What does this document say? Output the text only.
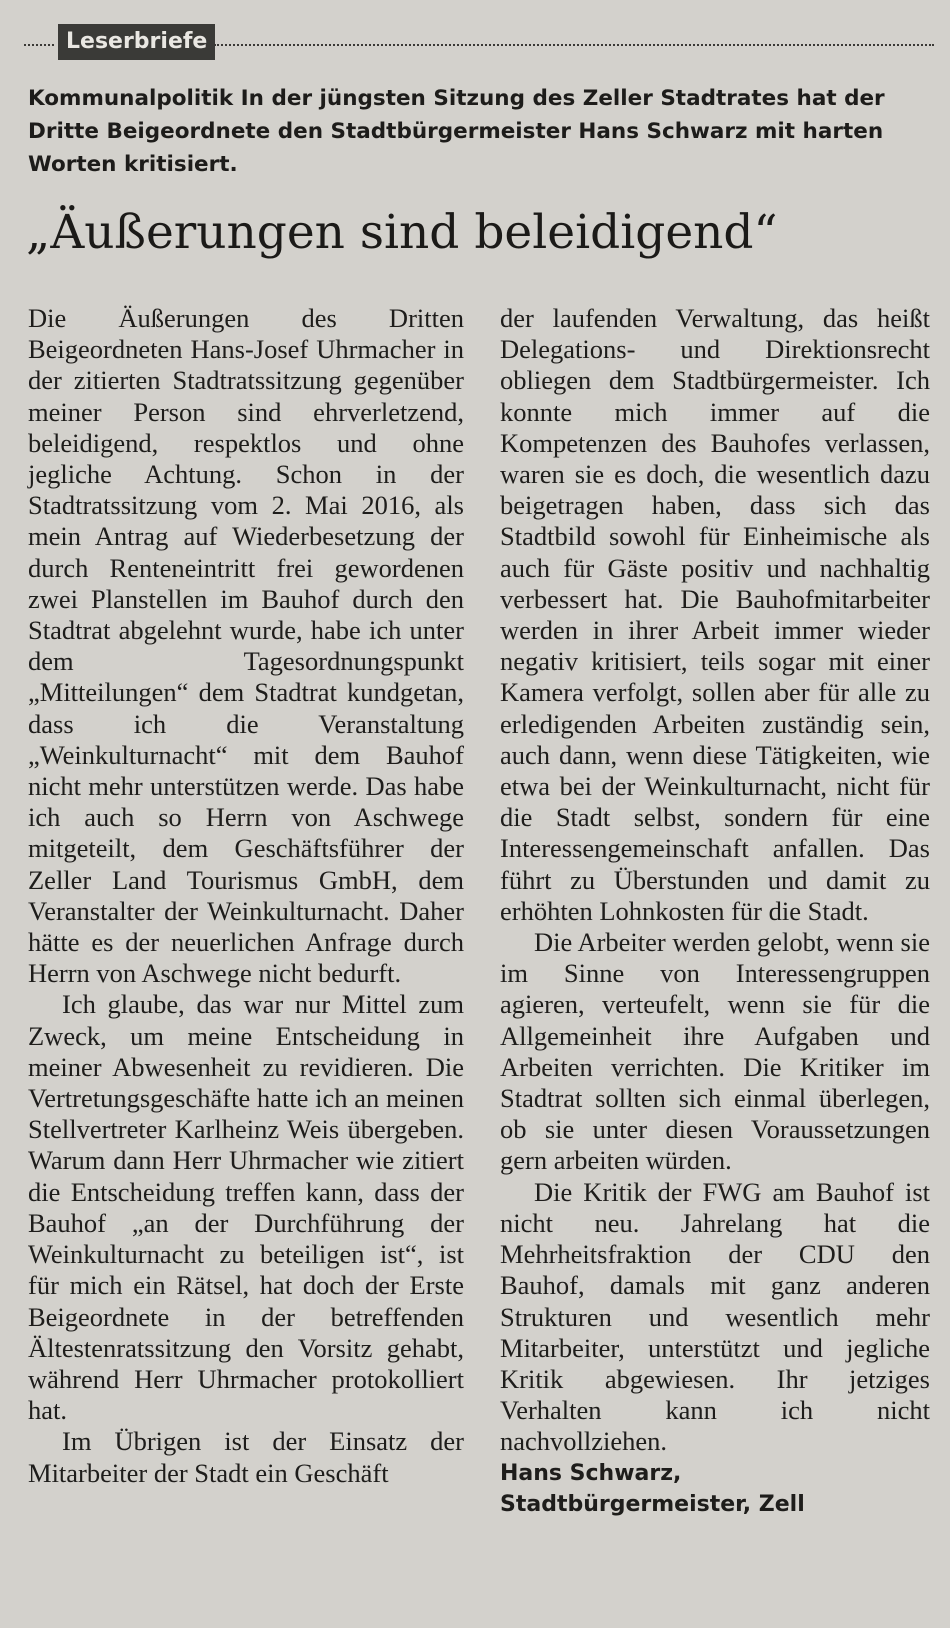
Leserbriefe
Kommunalpolitik In der jüngsten Sitzung des Zeller Stadtrates hat der Dritte Beigeordnete den Stadtbürgermeister Hans Schwarz mit harten Worten kritisiert.
„Äußerungen sind beleidigend“

Die Äußerungen des Dritten Beigeordneten Hans-Josef Uhrmacher in der zitierten Stadtratssitzung gegenüber meiner Person sind ehrverletzend, beleidigend, respektlos und ohne jegliche Achtung. Schon in der Stadtratssitzung vom 2. Mai 2016, als mein Antrag auf Wiederbesetzung der durch Renteneintritt frei gewordenen zwei Planstellen im Bauhof durch den Stadtrat abgelehnt wurde, habe ich unter dem Tagesordnungspunkt „Mitteilungen“ dem Stadtrat kundgetan, dass ich die Veranstaltung „Weinkulturnacht“ mit dem Bauhof nicht mehr unterstützen werde. Das habe ich auch so Herrn von Aschwege mitgeteilt, dem Geschäftsführer der Zeller Land Tourismus GmbH, dem Veranstalter der Weinkulturnacht. Daher hätte es der neuerlichen Anfrage durch Herrn von Aschwege nicht bedurft.

Ich glaube, das war nur Mittel zum Zweck, um meine Entscheidung in meiner Abwesenheit zu revidieren. Die Vertretungsgeschäfte hatte ich an meinen Stellvertreter Karlheinz Weis übergeben. Warum dann Herr Uhrmacher wie zitiert die Entscheidung treffen kann, dass der Bauhof „an der Durchführung der Weinkulturnacht zu beteiligen ist“, ist für mich ein Rätsel, hat doch der Erste Beigeordnete in der betreffenden Ältestenratssitzung den Vorsitz gehabt, während Herr Uhrmacher protokolliert hat.

Im Übrigen ist der Einsatz der Mitarbeiter der Stadt ein Geschäft

der laufenden Verwaltung, das heißt Delegations- und Direktionsrecht obliegen dem Stadtbürgermeister. Ich konnte mich immer auf die Kompetenzen des Bauhofes verlassen, waren sie es doch, die wesentlich dazu beigetragen haben, dass sich das Stadtbild sowohl für Einheimische als auch für Gäste positiv und nachhaltig verbessert hat. Die Bauhofmitarbeiter werden in ihrer Arbeit immer wieder negativ kritisiert, teils sogar mit einer Kamera verfolgt, sollen aber für alle zu erledigenden Arbeiten zuständig sein, auch dann, wenn diese Tätigkeiten, wie etwa bei der Weinkulturnacht, nicht für die Stadt selbst, sondern für eine Interessengemeinschaft anfallen. Das führt zu Überstunden und damit zu erhöhten Lohnkosten für die Stadt.

Die Arbeiter werden gelobt, wenn sie im Sinne von Interessengruppen agieren, verteufelt, wenn sie für die Allgemeinheit ihre Aufgaben und Arbeiten verrichten. Die Kritiker im Stadtrat sollten sich einmal überlegen, ob sie unter diesen Voraussetzungen gern arbeiten würden.

Die Kritik der FWG am Bauhof ist nicht neu. Jahrelang hat die Mehrheitsfraktion der CDU den Bauhof, damals mit ganz anderen Strukturen und wesentlich mehr Mitarbeiter, unterstützt und jegliche Kritik abgewiesen. Ihr jetziges Verhalten kann ich nicht nachvollziehen.

Hans Schwarz,
Stadtbürgermeister, Zell
